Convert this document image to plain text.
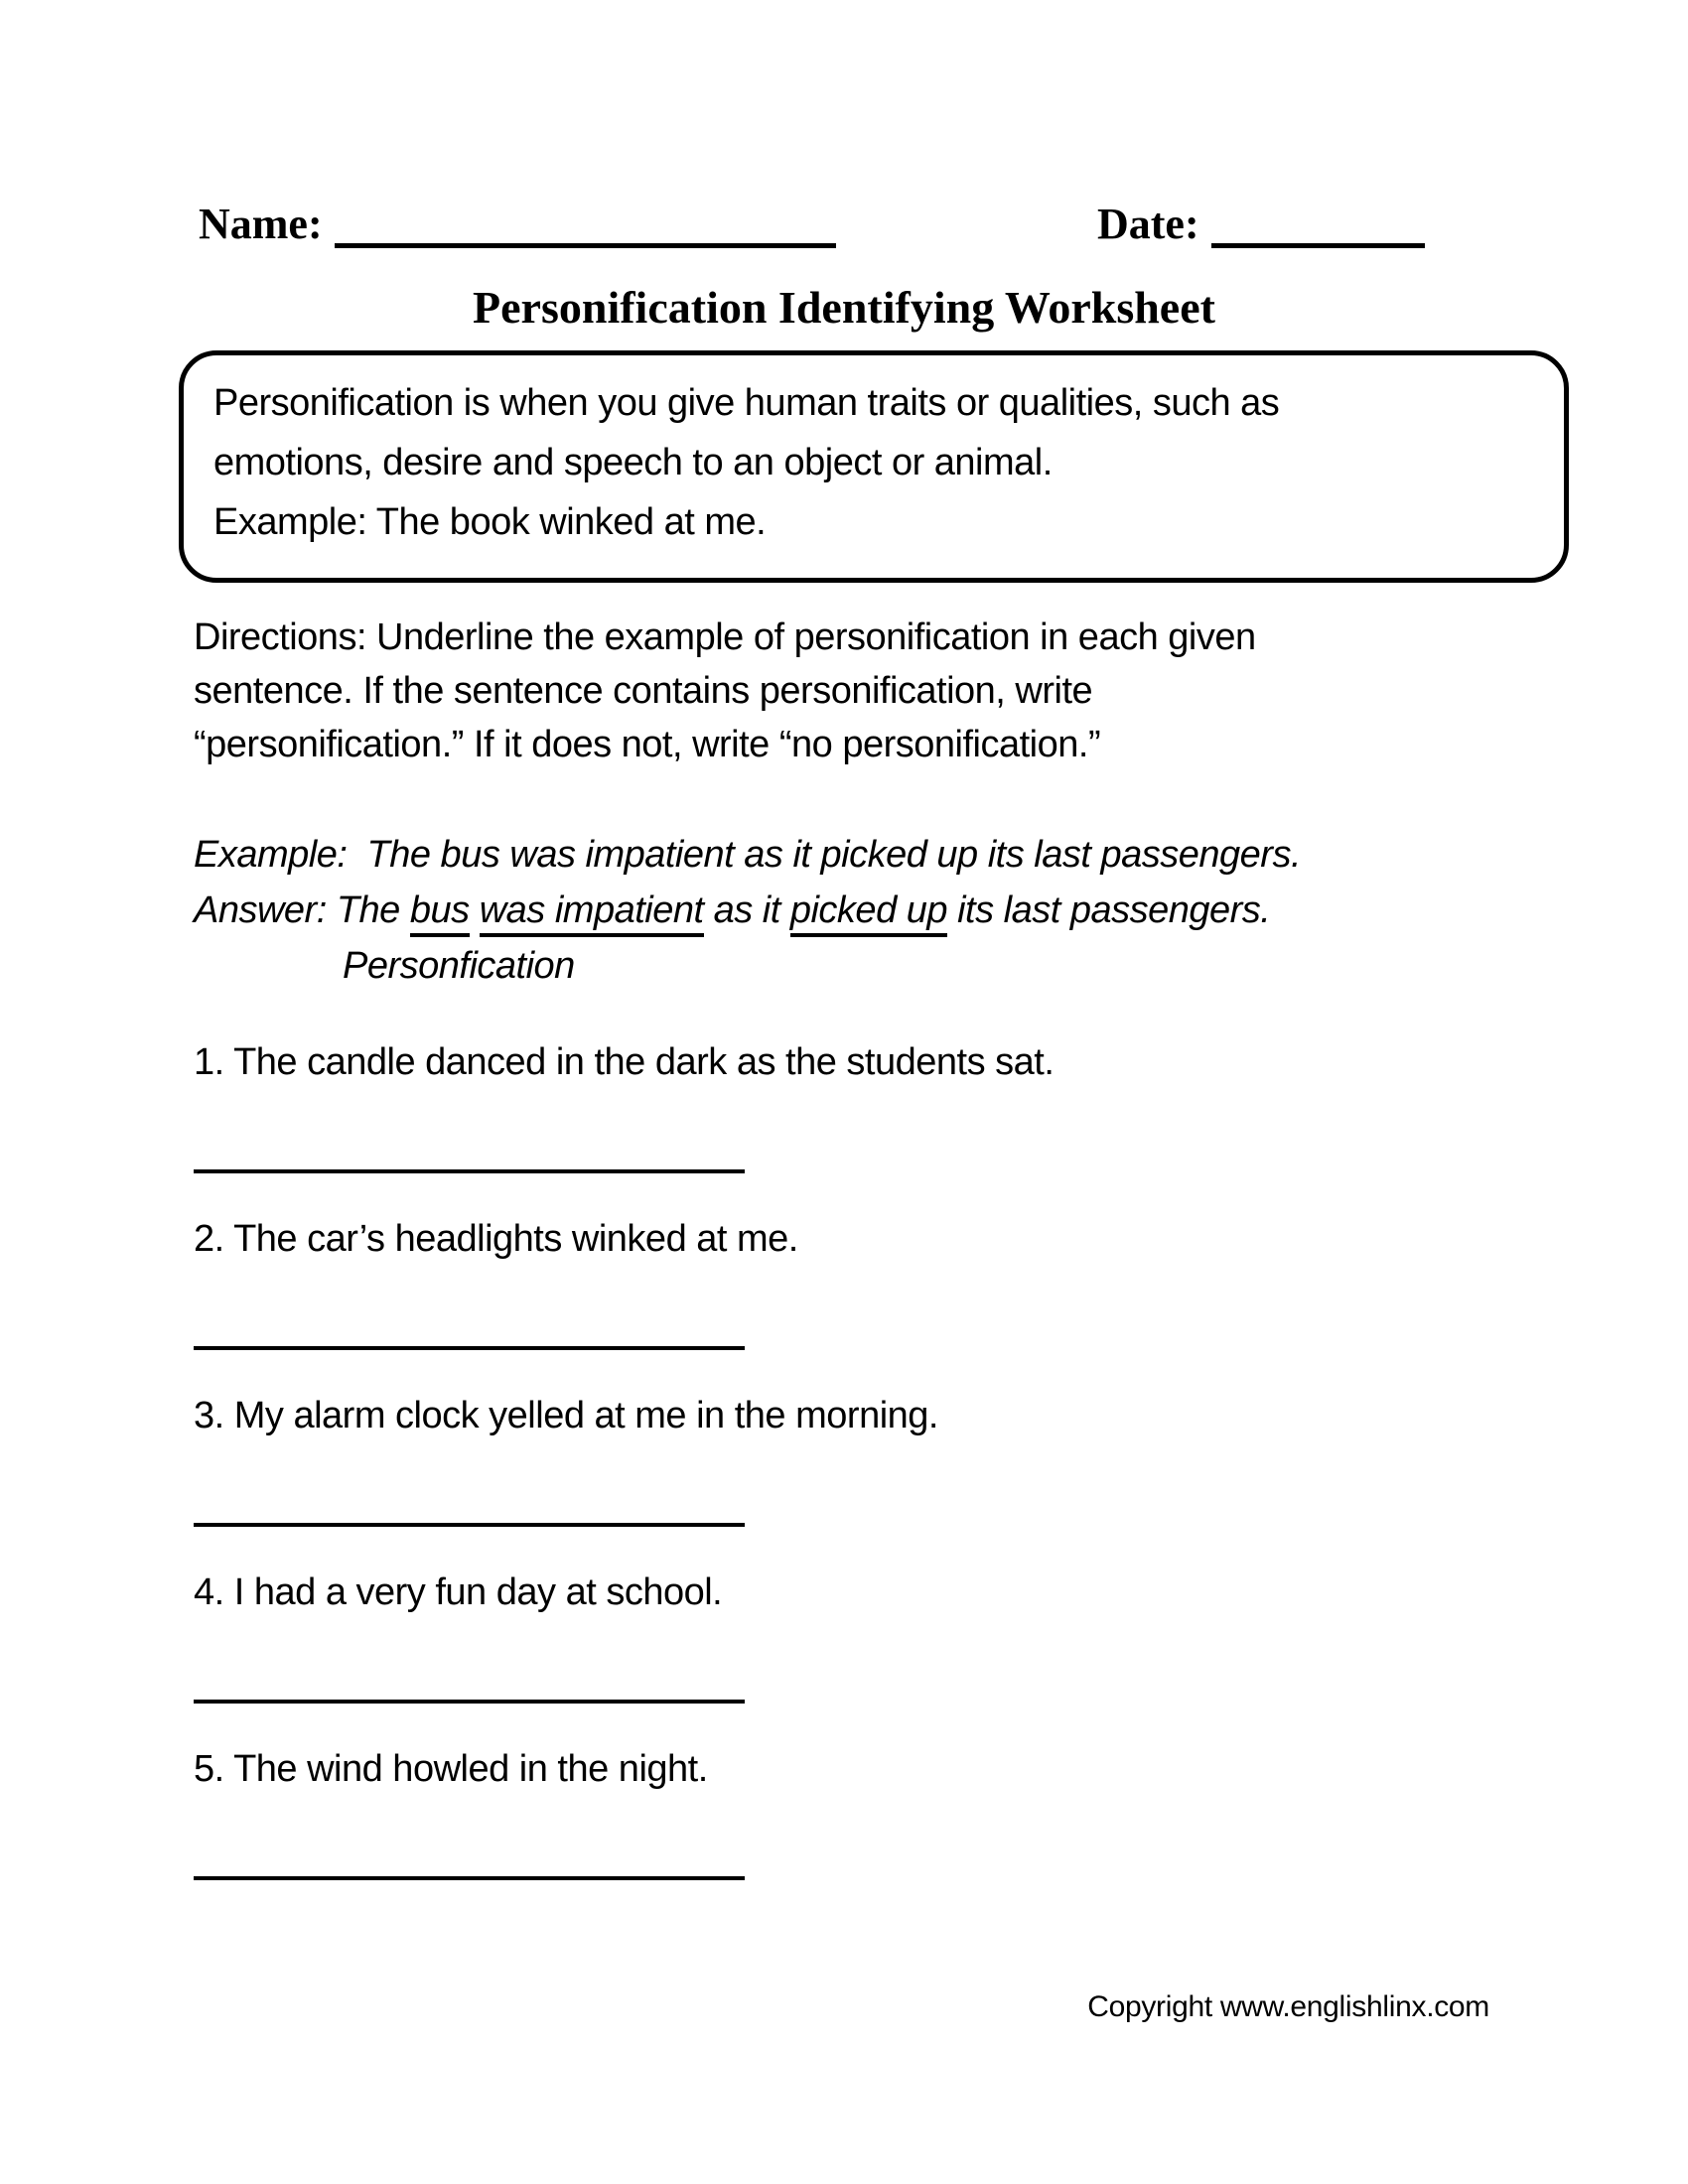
Name:	Date:
Personification Identifying Worksheet
Personification is when you give human traits or qualities, such as
emotions, desire and speech to an object or animal.
Example: The book winked at me.
Directions: Underline the example of personification in each given
sentence. If the sentence contains personification, write
“personification.” If it does not, write “no personification.”
Example:  The bus was impatient as it picked up its last passengers.
Answer: The bus was impatient as it picked up its last passengers.
Personfication
1. The candle danced in the dark as the students sat.
2. The car’s headlights winked at me.
3. My alarm clock yelled at me in the morning.
4. I had a very fun day at school.
5. The wind howled in the night.
Copyright www.englishlinx.com
